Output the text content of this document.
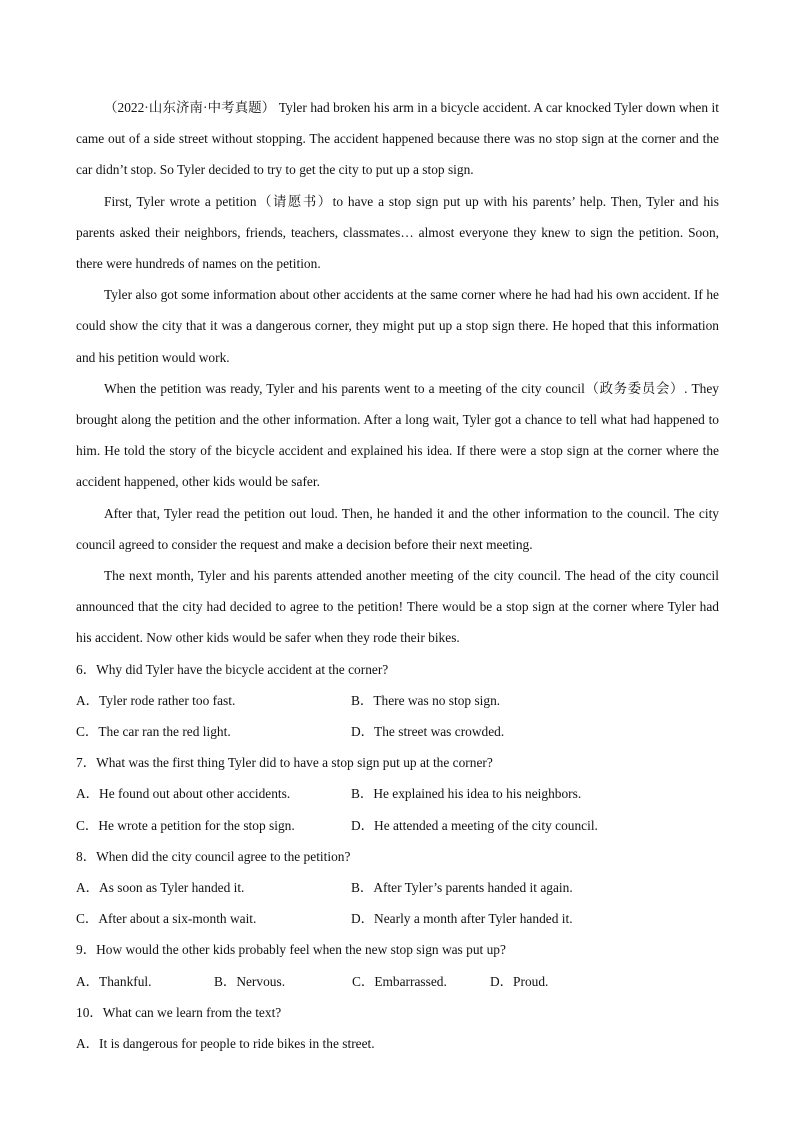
（2022·山东济南·中考真题） Tyler had broken his arm in a bicycle accident. A car knocked Tyler down when it came out of a side street without stopping. The accident happened because there was no stop sign at the corner and the car didn’t stop. So Tyler decided to try to get the city to put up a stop sign.

First, Tyler wrote a petition（请愿书）to have a stop sign put up with his parents’ help. Then, Tyler and his parents asked their neighbors, friends, teachers, classmates… almost everyone they knew to sign the petition. Soon, there were hundreds of names on the petition.

Tyler also got some information about other accidents at the same corner where he had had his own accident. If he could show the city that it was a dangerous corner, they might put up a stop sign there. He hoped that this information and his petition would work.

When the petition was ready, Tyler and his parents went to a meeting of the city council（政务委员会）. They brought along the petition and the other information. After a long wait, Tyler got a chance to tell what had happened to him. He told the story of the bicycle accident and explained his idea. If there were a stop sign at the corner where the accident happened, other kids would be safer.

After that, Tyler read the petition out loud. Then, he handed it and the other information to the council. The city council agreed to consider the request and make a decision before their next meeting.

The next month, Tyler and his parents attended another meeting of the city council. The head of the city council announced that the city had decided to agree to the petition! There would be a stop sign at the corner where Tyler had his accident. Now other kids would be safer when they rode their bikes.

6．Why did Tyler have the bicycle accident at the corner?

A．Tyler rode rather too fast.	B．There was no stop sign.
C．The car ran the red light.	D．The street was crowded.

7．What was the first thing Tyler did to have a stop sign put up at the corner?

A．He found out about other accidents.	B．He explained his idea to his neighbors.
C．He wrote a petition for the stop sign.	D．He attended a meeting of the city council.

8．When did the city council agree to the petition?

A．As soon as Tyler handed it.	B．After Tyler’s parents handed it again.
C．After about a six-month wait.	D．Nearly a month after Tyler handed it.

9．How would the other kids probably feel when the new stop sign was put up?

A．Thankful.	B．Nervous.	C．Embarrassed.	D．Proud.

10．What can we learn from the text?

A．It is dangerous for people to ride bikes in the street.
